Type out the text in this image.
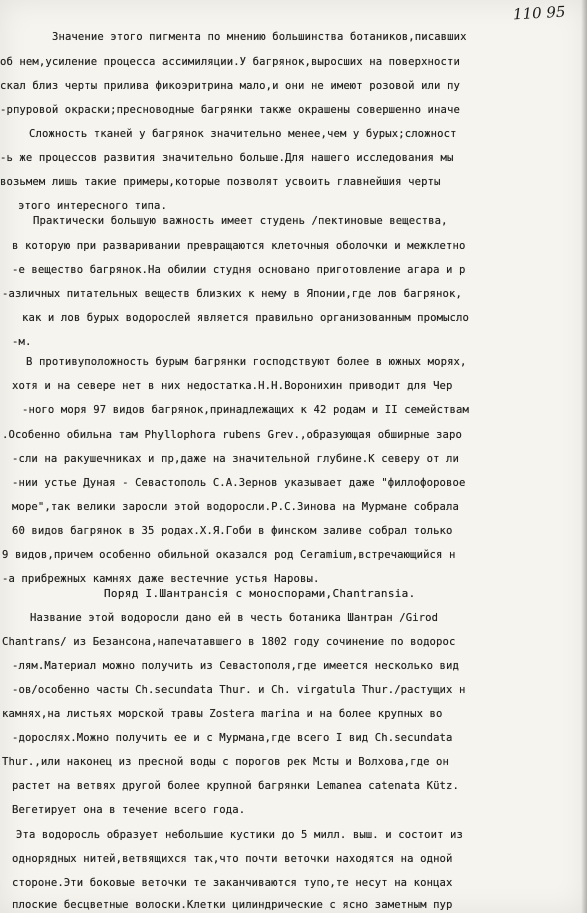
110 95
Значение этого пигмента по мнению большинства ботаников,писавших
об нем,усиление процесса ассимиляции.У багрянок,выросших на поверхности
скал близ черты прилива фикоэритрина мало,и они не имеют розовой или пу
-рпуровой окраски;пресноводные багрянки также окрашены совершенно иначе
Сложность тканей у багрянок значительно менее,чем у бурых;сложност
-ь же процессов развития значительно больше.Для нашего исследования мы
возьмем лишь такие примеры,которые позволят усвоить главнейшия черты
этого интересного типа.
Практически большую важность имеет студень /пектиновые вещества,
в которую при разваривании превращаются клеточныя оболочки и межклетно
-е вещество багрянок.На обилии студня основано приготовление агара и р
-азличных питательных веществ близких к нему в Японии,где лов багрянок,
как и лов бурых водорослей является правильно организованным промысло
-м.
В противуположность бурым багрянки господствуют более в южных морях,
хотя и на севере нет в них недостатка.Н.Н.Воронихин приводит для Чер
-ного моря 97 видов багрянок,принадлежащих к 42 родам и II семействам
.Особенно обильна там Phyllophora rubens Grev.,образующая обширные заро
-сли на ракушечниках и пр,даже на значительной глубине.К северу от ли
-нии устье Дуная - Севастополь С.А.Зернов указывает даже "филлофоровое
море",так велики заросли этой водоросли.Р.С.Зинова на Мурмане собрала
60 видов багрянок в 35 родах.Х.Я.Гоби в финском заливе собрал только
9 видов,причем особенно обильной оказался род Ceramium,встречающийся н
-а прибрежных камнях даже вестечние устья Наровы.
Поряд I.Шантрансія с моноспорами,Chantransia.
Название этой водоросли дано ей в честь ботаника Шантран /Girod
Chantrans/ из Безансона,напечатавшего в 1802 году сочинение по водорос
-лям.Материал можно получить из Севастополя,где имеется несколько вид
-ов/особенно часты Ch.secundata Thur. и Ch. virgatula Thur./растущих н
камнях,на листьях морской травы Zostera marina и на более крупных во
-дорослях.Можно получить ее и с Мурмана,где всего I вид Ch.secundata
Thur.,или наконец из пресной воды с порогов рек Мсты и Волхова,где он
растет на ветвях другой более крупной багрянки Lemanea catenata Kütz.
Вегетирует она в течение всего года.
Эта водоросль образует небольшие кустики до 5 милл. выш. и состоит из
однорядных нитей,ветвящихся так,что почти веточки находятся на одной
стороне.Эти боковые веточки те заканчиваются тупо,те несут на концах
плоские бесцветные волоски.Клетки цилиндрические с ясно заметным пур
